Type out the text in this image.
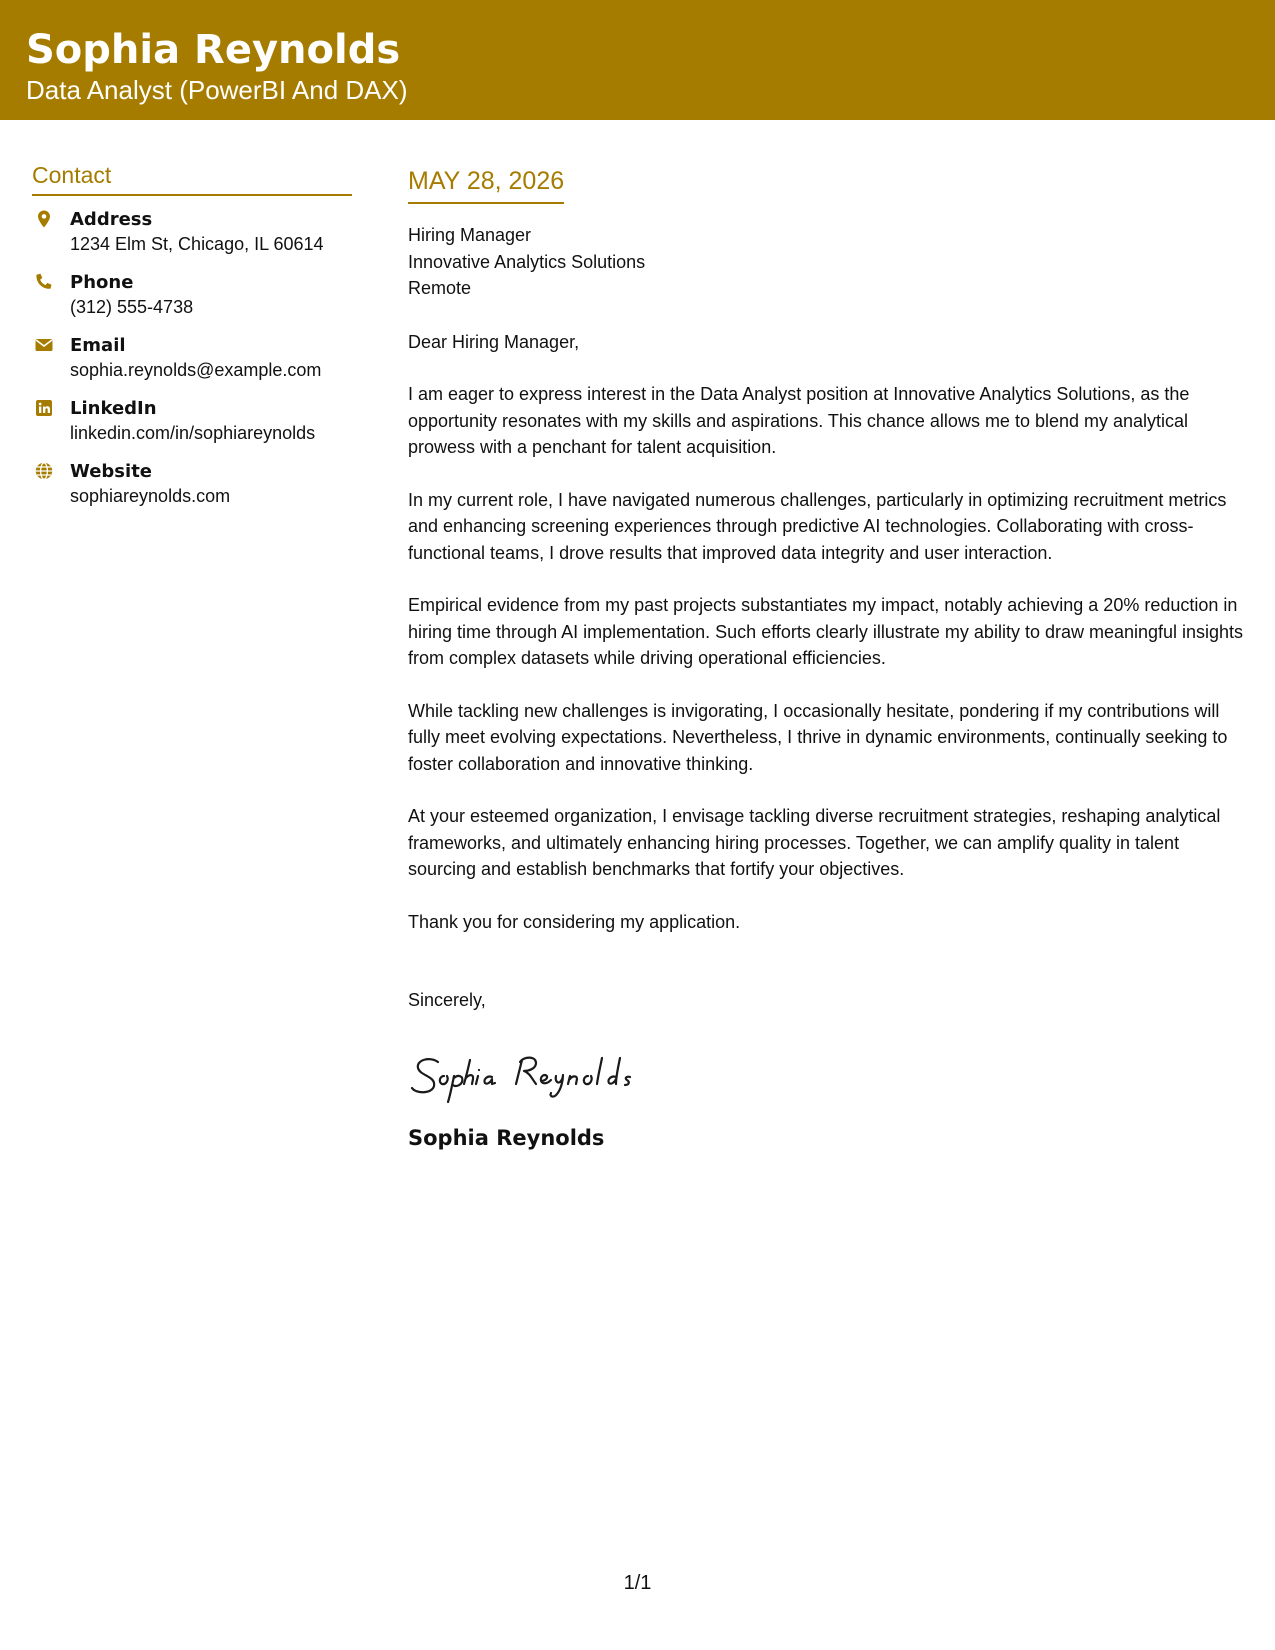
Sophia Reynolds
Data Analyst (PowerBI And DAX)
Contact
Address
1234 Elm St, Chicago, IL 60614
Phone
(312) 555-4738
Email
sophia.reynolds@example.com
LinkedIn
linkedin.com/in/sophiareynolds
Website
sophiareynolds.com
MAY 28, 2026
Hiring Manager
Innovative Analytics Solutions
Remote
Dear Hiring Manager,
I am eager to express interest in the Data Analyst position at Innovative Analytics Solutions, as the opportunity resonates with my skills and aspirations. This chance allows me to blend my analytical prowess with a penchant for talent acquisition.
In my current role, I have navigated numerous challenges, particularly in optimizing recruitment metrics and enhancing screening experiences through predictive AI technologies. Collaborating with cross-functional teams, I drove results that improved data integrity and user interaction.
Empirical evidence from my past projects substantiates my impact, notably achieving a 20% reduction in hiring time through AI implementation. Such efforts clearly illustrate my ability to draw meaningful insights from complex datasets while driving operational efficiencies.
While tackling new challenges is invigorating, I occasionally hesitate, pondering if my contributions will fully meet evolving expectations. Nevertheless, I thrive in dynamic environments, continually seeking to foster collaboration and innovative thinking.
At your esteemed organization, I envisage tackling diverse recruitment strategies, reshaping analytical frameworks, and ultimately enhancing hiring processes. Together, we can amplify quality in talent sourcing and establish benchmarks that fortify your objectives.
Thank you for considering my application.
Sincerely,
Sophia Reynolds
1/1
